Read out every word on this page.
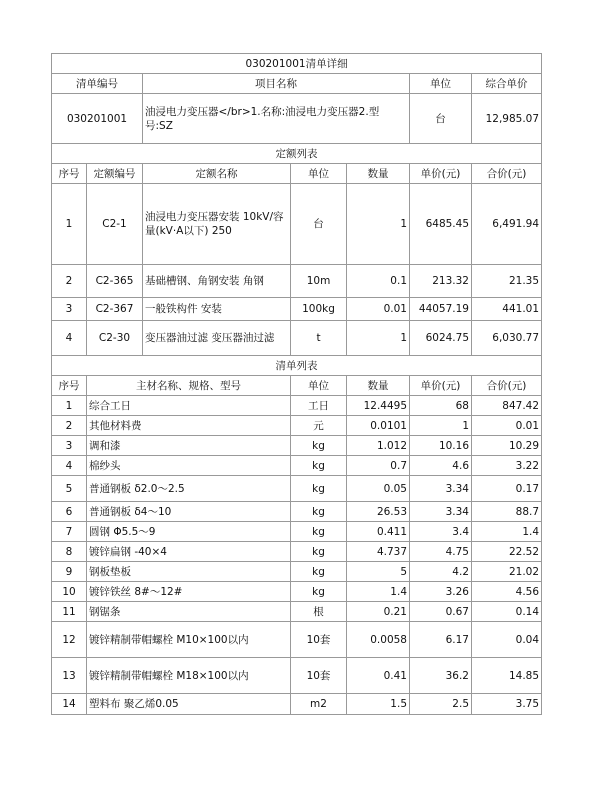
030201001清单详细						
清单编号		项目名称			单位	综合单价
030201001		油浸电力变压器</br>1.名称:油浸电力变压器2.型号:SZ			台	12,985.07
定额列表						
序号	定额编号	定额名称	单位	数量	单价(元)	合价(元)
1	C2-1	油浸电力变压器安装 10kV/容量(kV·A以下) 250	台	1	6485.45	6,491.94
2	C2-365	基础槽钢、角钢安装 角钢	10m	0.1	213.32	21.35
3	C2-367	一般铁构件 安装	100kg	0.01	44057.19	441.01
4	C2-30	变压器油过滤 变压器油过滤	t	1	6024.75	6,030.77
清单列表						
序号	主材名称、规格、型号		单位	数量	单价(元)	合价(元)
1	综合工日		工日	12.4495	68	847.42
2	其他材料费		元	0.0101	1	0.01
3	调和漆		kg	1.012	10.16	10.29
4	棉纱头		kg	0.7	4.6	3.22
5	普通钢板 δ2.0～2.5		kg	0.05	3.34	0.17
6	普通钢板 δ4～10		kg	26.53	3.34	88.7
7	圆钢 Φ5.5～9		kg	0.411	3.4	1.4
8	镀锌扁钢 -40×4		kg	4.737	4.75	22.52
9	钢板垫板		kg	5	4.2	21.02
10	镀锌铁丝 8#～12#		kg	1.4	3.26	4.56
11	钢锯条		根	0.21	0.67	0.14
12	镀锌精制带帽螺栓 M10×100以内		10套	0.0058	6.17	0.04
13	镀锌精制带帽螺栓 M18×100以内		10套	0.41	36.2	14.85
14	塑料布 聚乙烯0.05		m2	1.5	2.5	3.75
